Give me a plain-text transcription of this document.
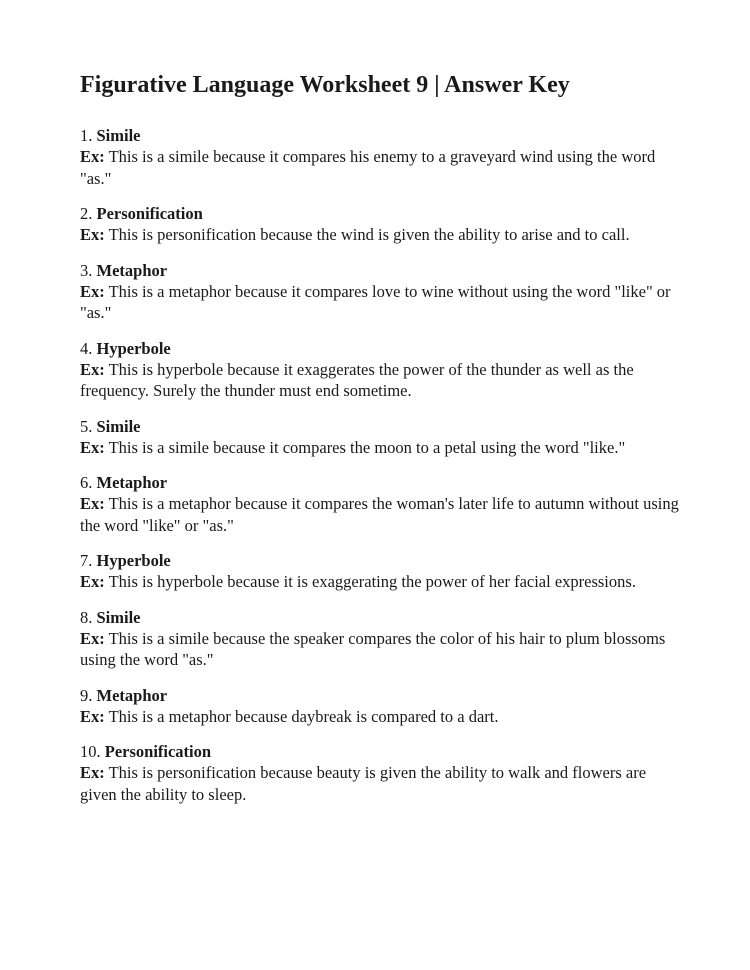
Figurative Language Worksheet 9 | Answer Key
1. Simile
Ex: This is a simile because it compares his enemy to a graveyard wind using the word "as."
2. Personification
Ex: This is personification because the wind is given the ability to arise and to call.
3. Metaphor
Ex: This is a metaphor because it compares love to wine without using the word "like" or "as."
4. Hyperbole
Ex: This is hyperbole because it exaggerates the power of the thunder as well as the frequency. Surely the thunder must end sometime.
5. Simile
Ex: This is a simile because it compares the moon to a petal using the word "like."
6. Metaphor
Ex: This is a metaphor because it compares the woman's later life to autumn without using the word "like" or "as."
7. Hyperbole
Ex: This is hyperbole because it is exaggerating the power of her facial expressions.
8. Simile
Ex: This is a simile because the speaker compares the color of his hair to plum blossoms using the word "as."
9. Metaphor
Ex: This is a metaphor because daybreak is compared to a dart.
10. Personification
Ex: This is personification because beauty is given the ability to walk and flowers are given the ability to sleep.
